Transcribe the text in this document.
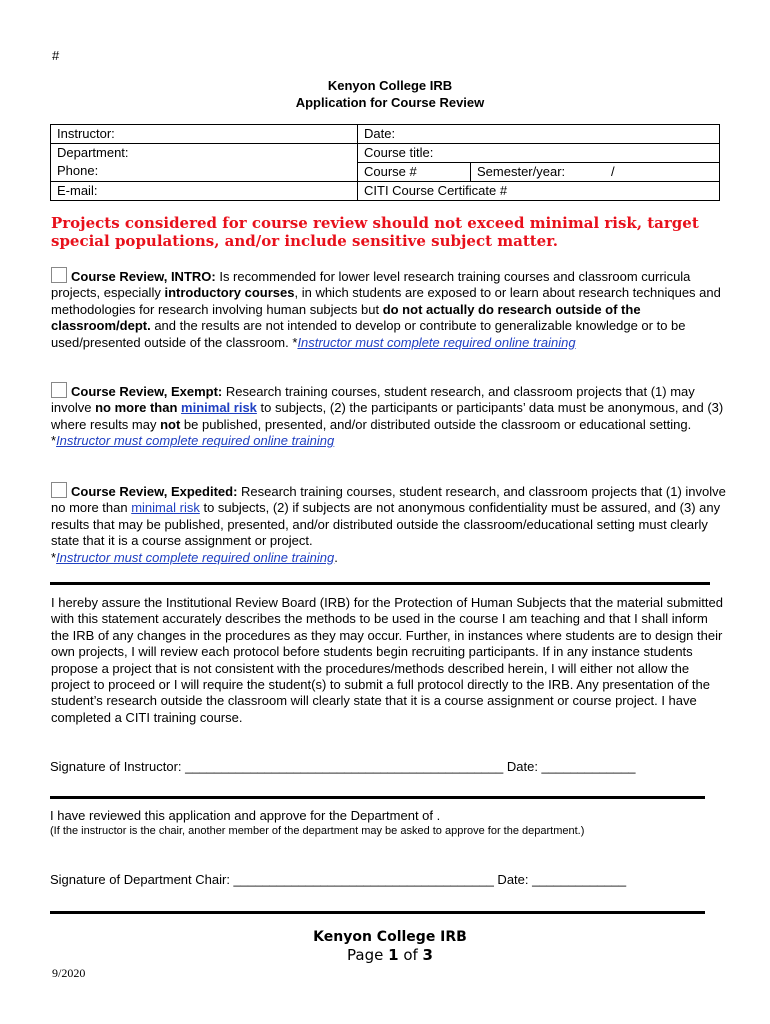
#
Kenyon College IRB
Application for Course Review
Instructor:	Date:
Department:	Course title:
Phone:	Course # Semester/year: /

E-mail:	CITI Course Certificate #
Projects considered for course review should not exceed minimal risk, target special populations, and/or include sensitive subject matter.
Course Review, INTRO: Is recommended for lower level research training courses and classroom curricula projects, especially introductory courses, in which students are exposed to or learn about research techniques and methodologies for research involving human subjects but do not actually do research outside of the classroom/dept. and the results are not intended to develop or contribute to generalizable knowledge or to be used/presented outside of the classroom. *Instructor must complete required online training
Course Review, Exempt: Research training courses, student research, and classroom projects that (1) may involve no more than minimal risk to subjects, (2) the participants or participants’ data must be anonymous, and (3) where results may not be published, presented, and/or distributed outside the classroom or educational setting.
*Instructor must complete required online training
Course Review, Expedited: Research training courses, student research, and classroom projects that (1) involve no more than minimal risk to subjects, (2) if subjects are not anonymous confidentiality must be assured, and (3) any results that may be published, presented, and/or distributed outside the classroom/educational setting must clearly state that it is a course assignment or project.
*Instructor must complete required online training.
I hereby assure the Institutional Review Board (IRB) for the Protection of Human Subjects that the material submitted with this statement accurately describes the methods to be used in the course I am teaching and that I shall inform the IRB of any changes in the procedures as they may occur. Further, in instances where students are to design their own projects, I will review each protocol before students begin recruiting participants. If in any instance students propose a project that is not consistent with the procedures/methods described herein, I will either not allow the project to proceed or I will require the student(s) to submit a full protocol directly to the IRB. Any presentation of the student’s research outside the classroom will clearly state that it is a course assignment or course project. I have completed a CITI training course.
Signature of Instructor: ____________________________________________ Date: _____________
I have reviewed this application and approve for the Department of .
(If the instructor is the chair, another member of the department may be asked to approve for the department.)
Signature of Department Chair: ____________________________________ Date: _____________
Kenyon College IRB
Page 1 of 3
9/2020
